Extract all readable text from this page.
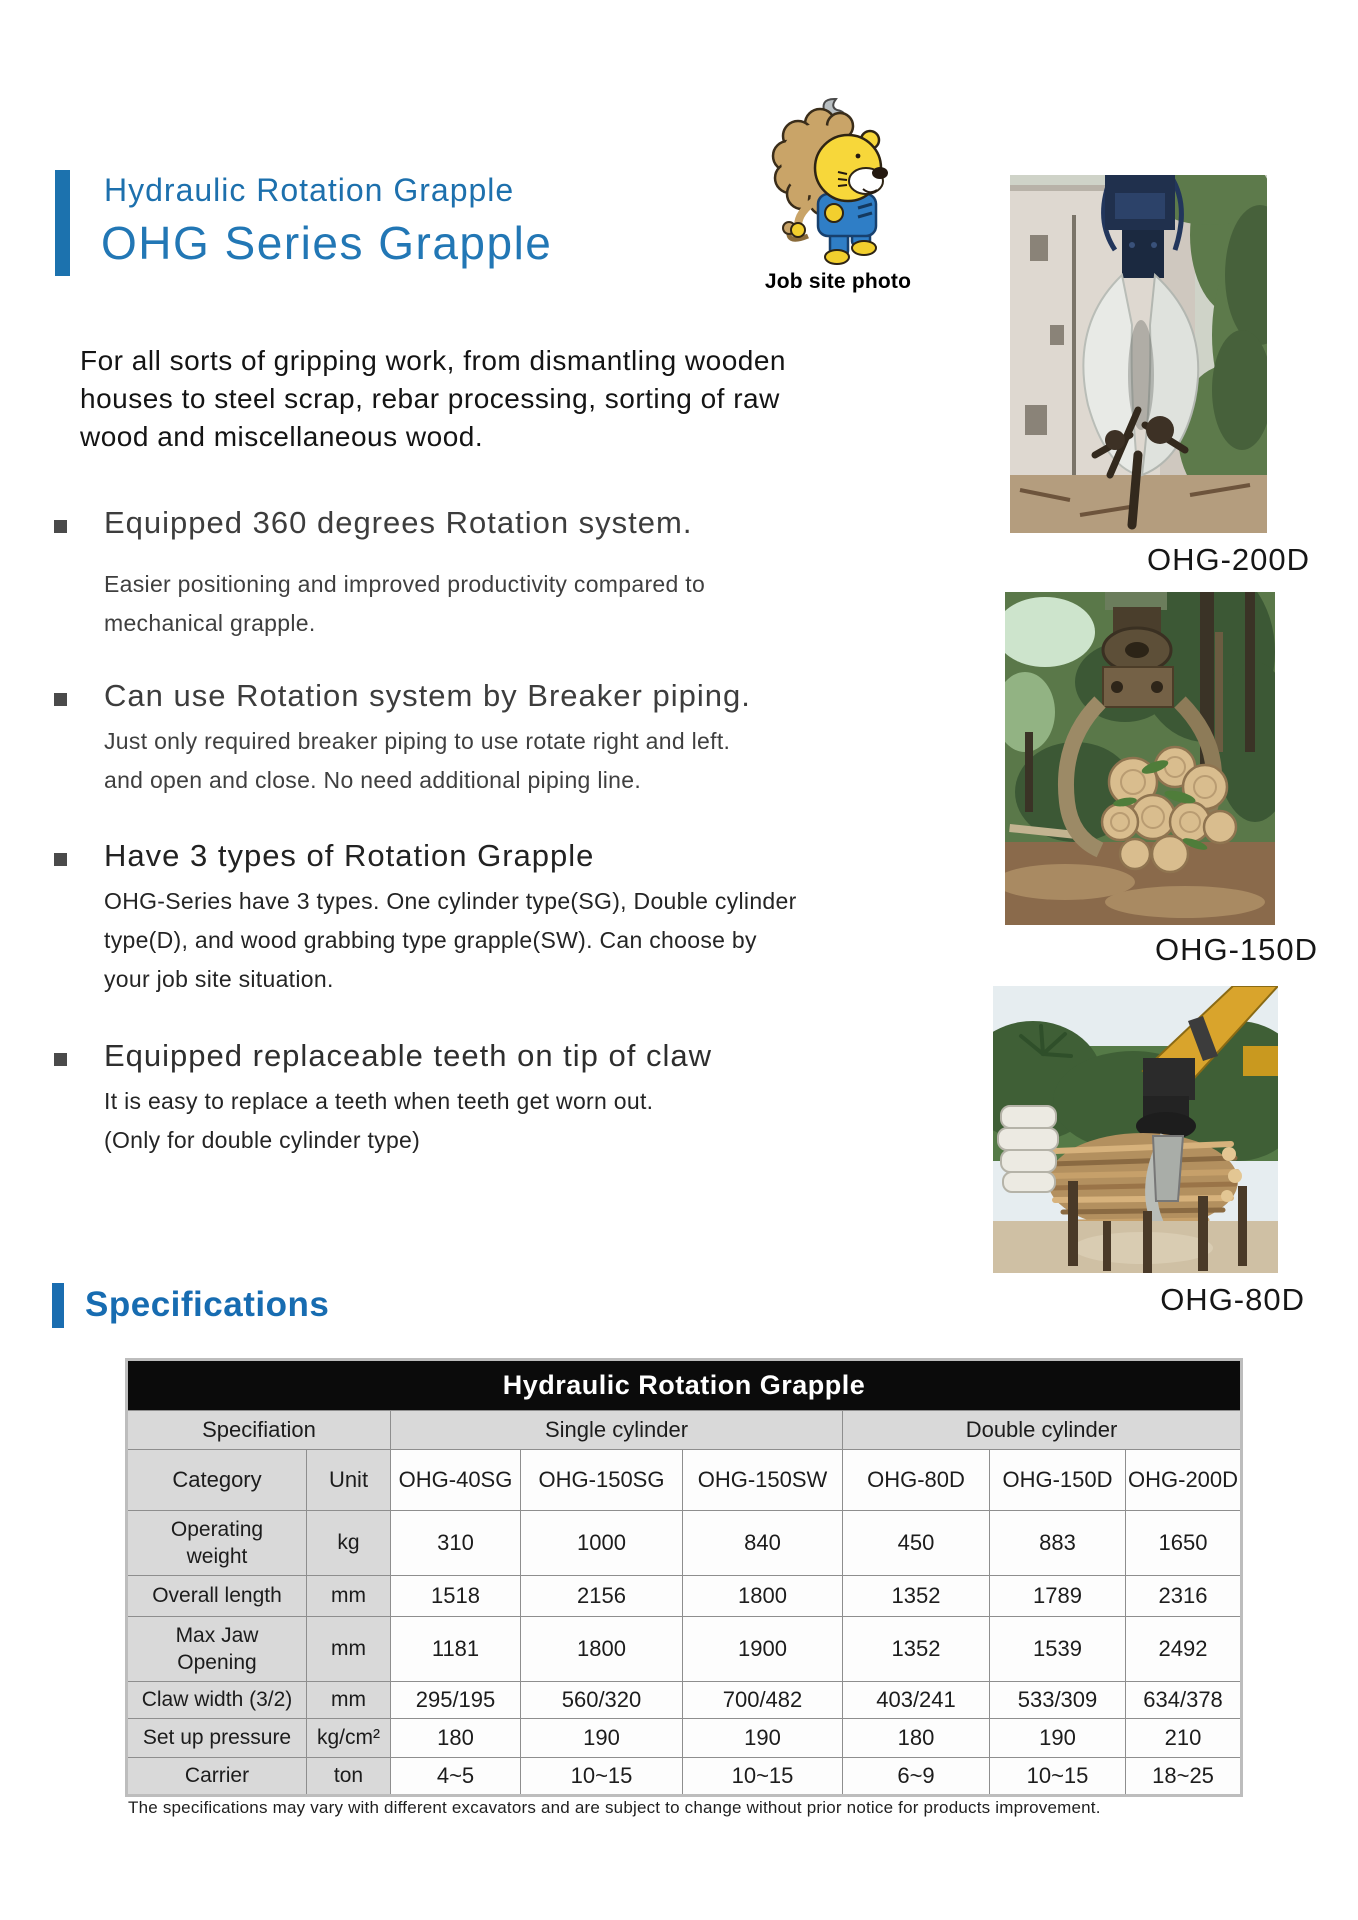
Hydraulic Rotation Grapple
OHG Series Grapple
Job site photo
For all sorts of gripping work, from dismantling wooden
houses to steel scrap, rebar processing, sorting of raw
wood and miscellaneous wood.
Equipped 360 degrees Rotation system.
Easier positioning and improved productivity compared to
mechanical grapple.
Can use Rotation system by Breaker piping.
Just only required breaker piping to use rotate right and left.
and open and close. No need additional piping line.
Have 3 types of Rotation Grapple
OHG-Series have 3 types. One cylinder type(SG), Double cylinder
type(D), and wood grabbing type grapple(SW). Can choose by
your job site situation.
Equipped replaceable teeth on tip of claw
It is easy to replace a teeth when teeth get worn out.
(Only for double cylinder type)
OHG-200D
OHG-150D
OHG-80D
Specifications
Hydraulic Rotation Grapple							
Specifiation		Single cylinder			Double cylinder		
Category	Unit	OHG-40SG	OHG-150SG	OHG-150SW	OHG-80D	OHG-150D	OHG-200D
Operating weight	kg	310	1000	840	450	883	1650
Overall length	mm	1518	2156	1800	1352	1789	2316
Max Jaw Opening	mm	1181	1800	1900	1352	1539	2492
Claw width (3/2)	mm	295/195	560/320	700/482	403/241	533/309	634/378
Set up pressure	kg/cm²	180	190	190	180	190	210
Carrier	ton	4~5	10~15	10~15	6~9	10~15	18~25
The specifications may vary with different excavators and are subject to change without prior notice for products improvement.
